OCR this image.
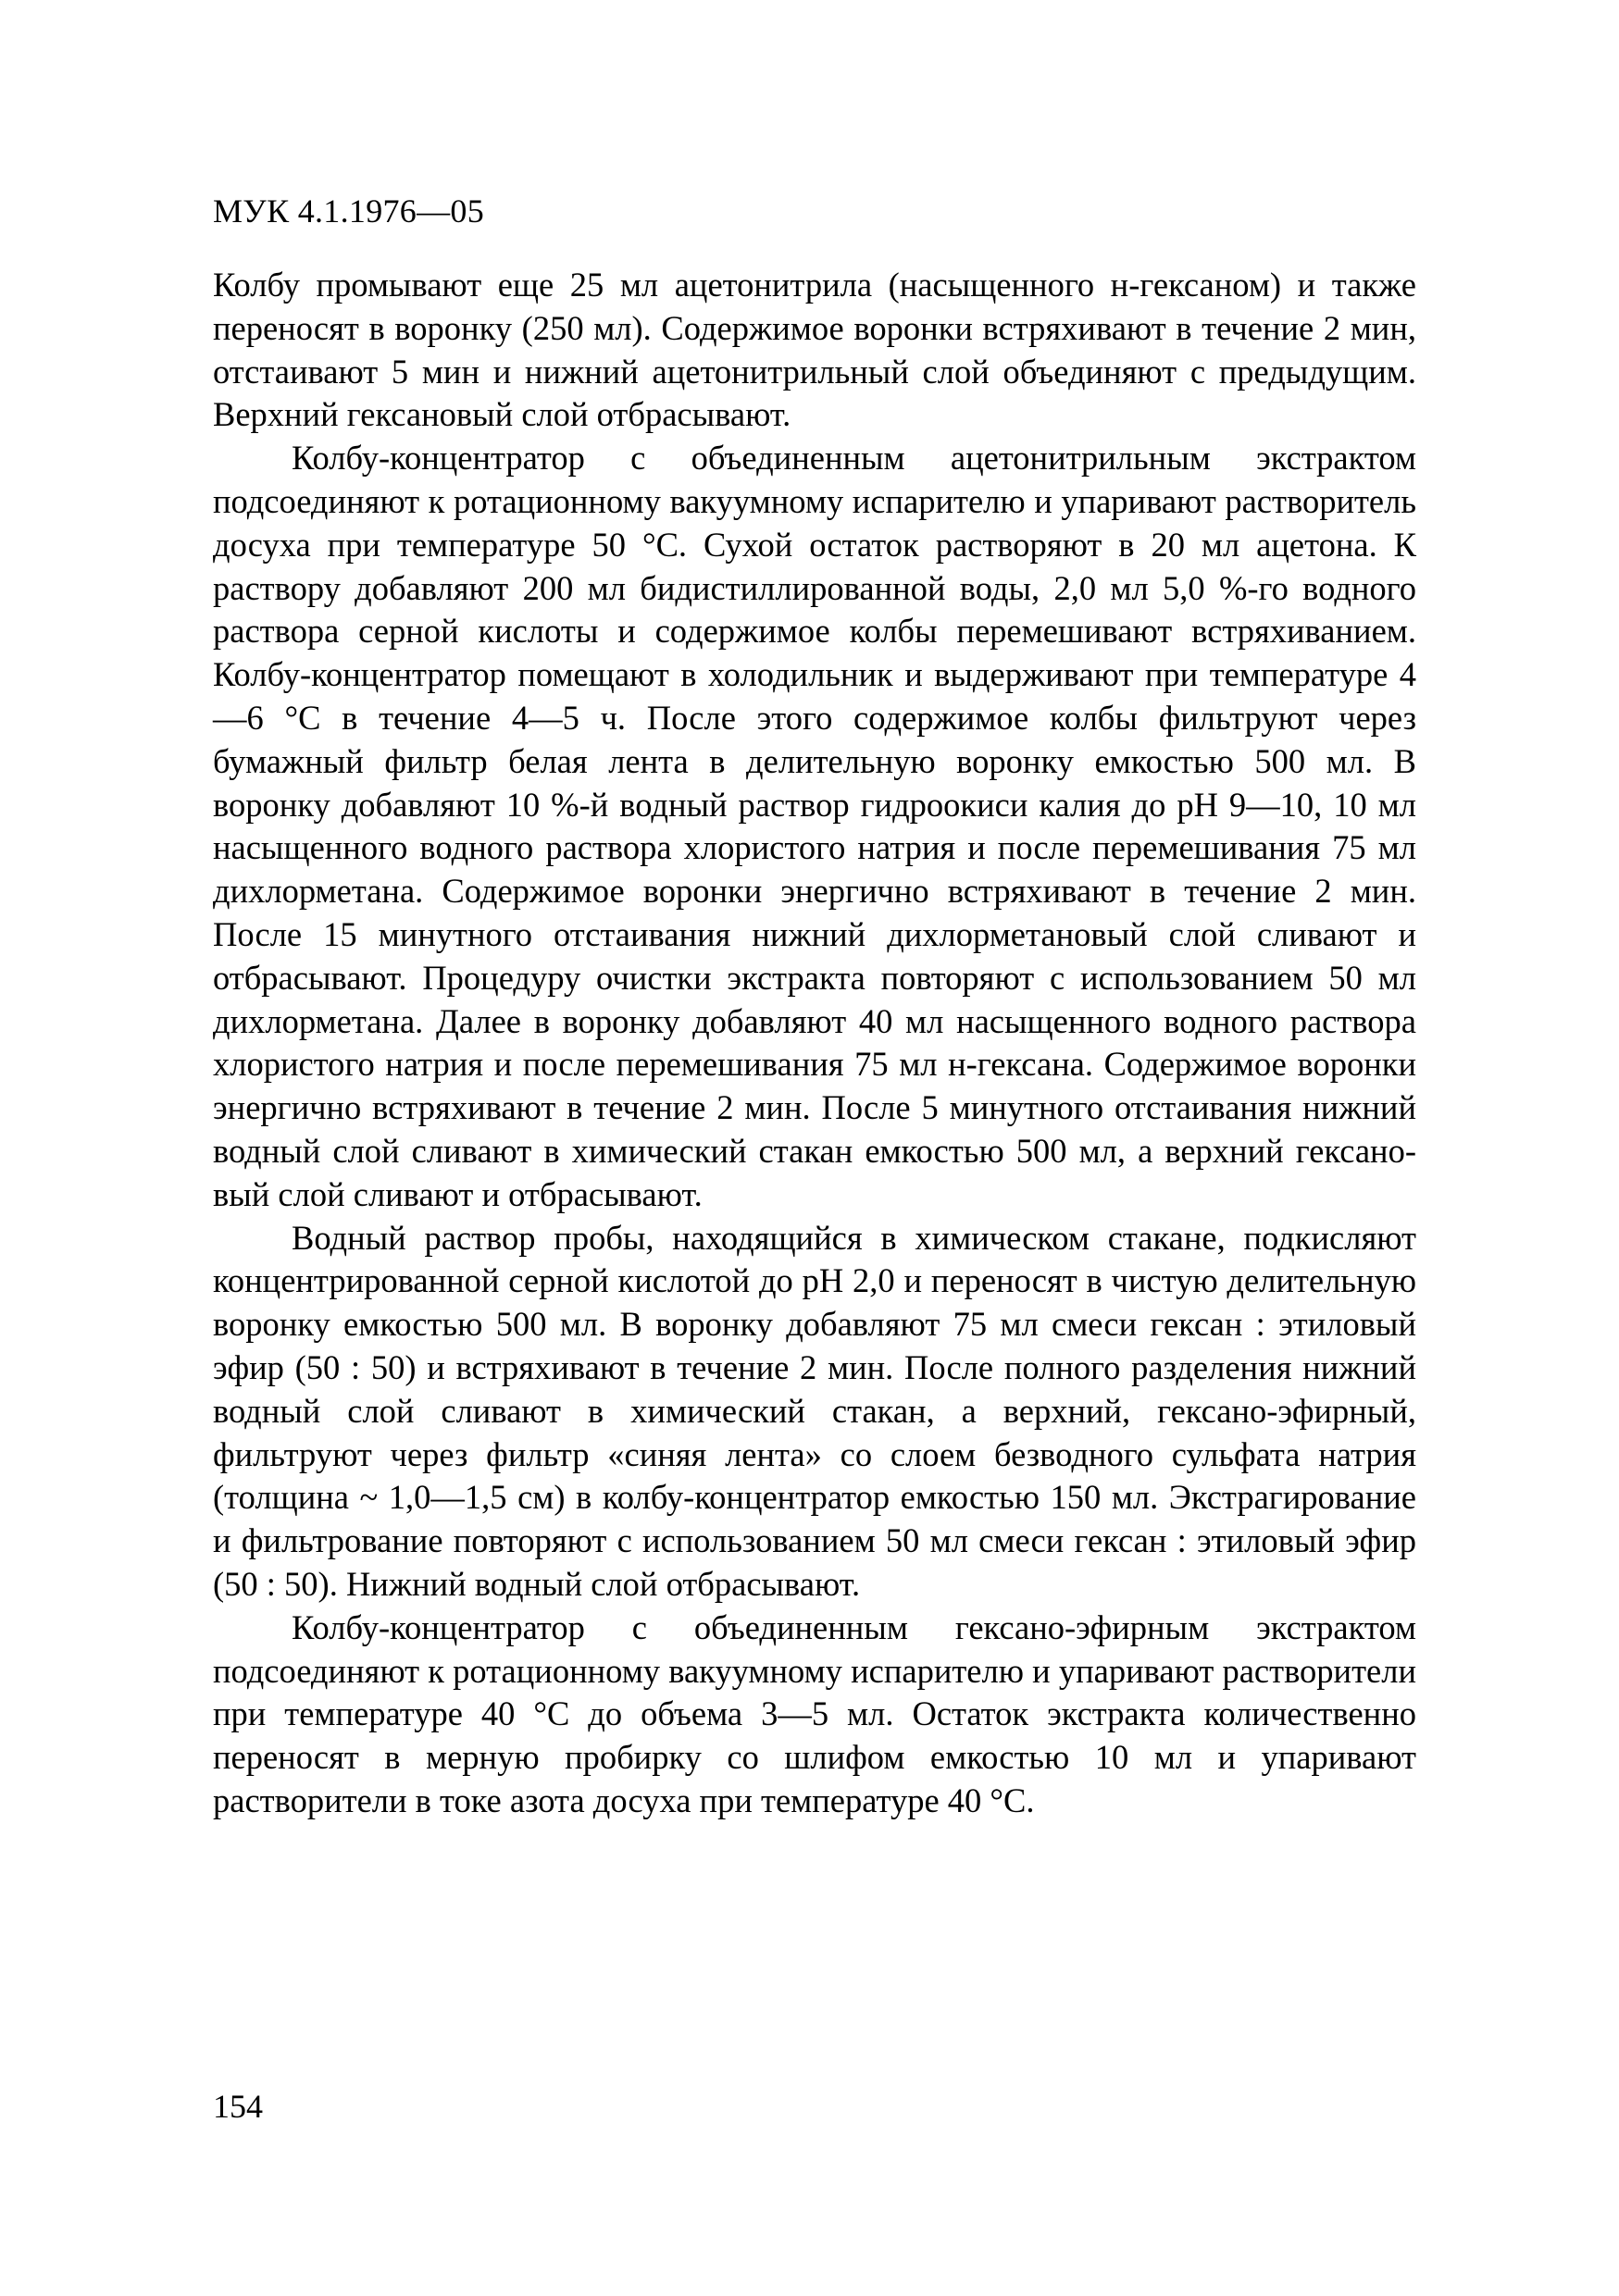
МУК 4.1.1976—05

Колбу промывают еще 25 мл ацетонитрила (насыщенного н-гексаном) и также переносят в воронку (250 мл). Содержимое воронки встряхивают в течение 2 мин, отстаивают 5 мин и нижний ацетонитрильный слой объединяют с предыдущим. Верхний гексановый слой отбрасывают.

Колбу-концентратор с объединенным ацетонитрильным экстрактом подсоединяют к ротационному вакуумному испарителю и упаривают растворитель досуха при температуре 50 °С. Сухой остаток растворяют в 20 мл ацетона. К раствору добавляют 200 мл бидистиллированной воды, 2,0 мл 5,0 %-го водного раствора серной кислоты и содержимое колбы перемешивают встряхиванием. Колбу-концентратор помещают в холодильник и выдерживают при температуре 4—6 °С в течение 4—5 ч. После этого содержимое колбы фильтруют через бумажный фильтр белая лента в делительную воронку емкостью 500 мл. В воронку добавляют 10 %-й водный раствор гидроокиси калия до рН 9—10, 10 мл насыщенного водного раствора хлористого натрия и после перемешивания 75 мл дихлорметана. Содержимое воронки энергично встряхивают в течение 2 мин. После 15 минутного отстаивания нижний дихлорметановый слой сливают и отбрасывают. Процедуру очистки экстракта повторяют с использованием 50 мл дихлорметана. Далее в воронку добавляют 40 мл насыщенного водного раствора хлористого натрия и после перемешивания 75 мл н-гексана. Содержимое воронки энергично встряхивают в течение 2 мин. После 5 минутного отстаивания нижний водный слой сливают в химический стакан емкостью 500 мл, а верхний гексановый слой сливают и отбрасывают.

Водный раствор пробы, находящийся в химическом стакане, подкисляют концентрированной серной кислотой до рН 2,0 и переносят в чистую делительную воронку емкостью 500 мл. В воронку добавляют 75 мл смеси гексан : этиловый эфир (50 : 50) и встряхивают в течение 2 мин. После полного разделения нижний водный слой сливают в химический стакан, а верхний, гексано-эфирный, фильтруют через фильтр «синяя лента» со слоем безводного сульфата натрия (толщина ~ 1,0—1,5 см) в колбу-концентратор емкостью 150 мл. Экстрагирование и фильтрование повторяют с использованием 50 мл смеси гексан : этиловый эфир (50 : 50). Нижний водный слой отбрасывают.

Колбу-концентратор с объединенным гексано-эфирным экстрактом подсоединяют к ротационному вакуумному испарителю и упаривают растворители при температуре 40 °С до объема 3—5 мл. Остаток экстракта количественно переносят в мерную пробирку со шлифом емкостью 10 мл и упаривают растворители в токе азота досуха при температуре 40 °С.

154
